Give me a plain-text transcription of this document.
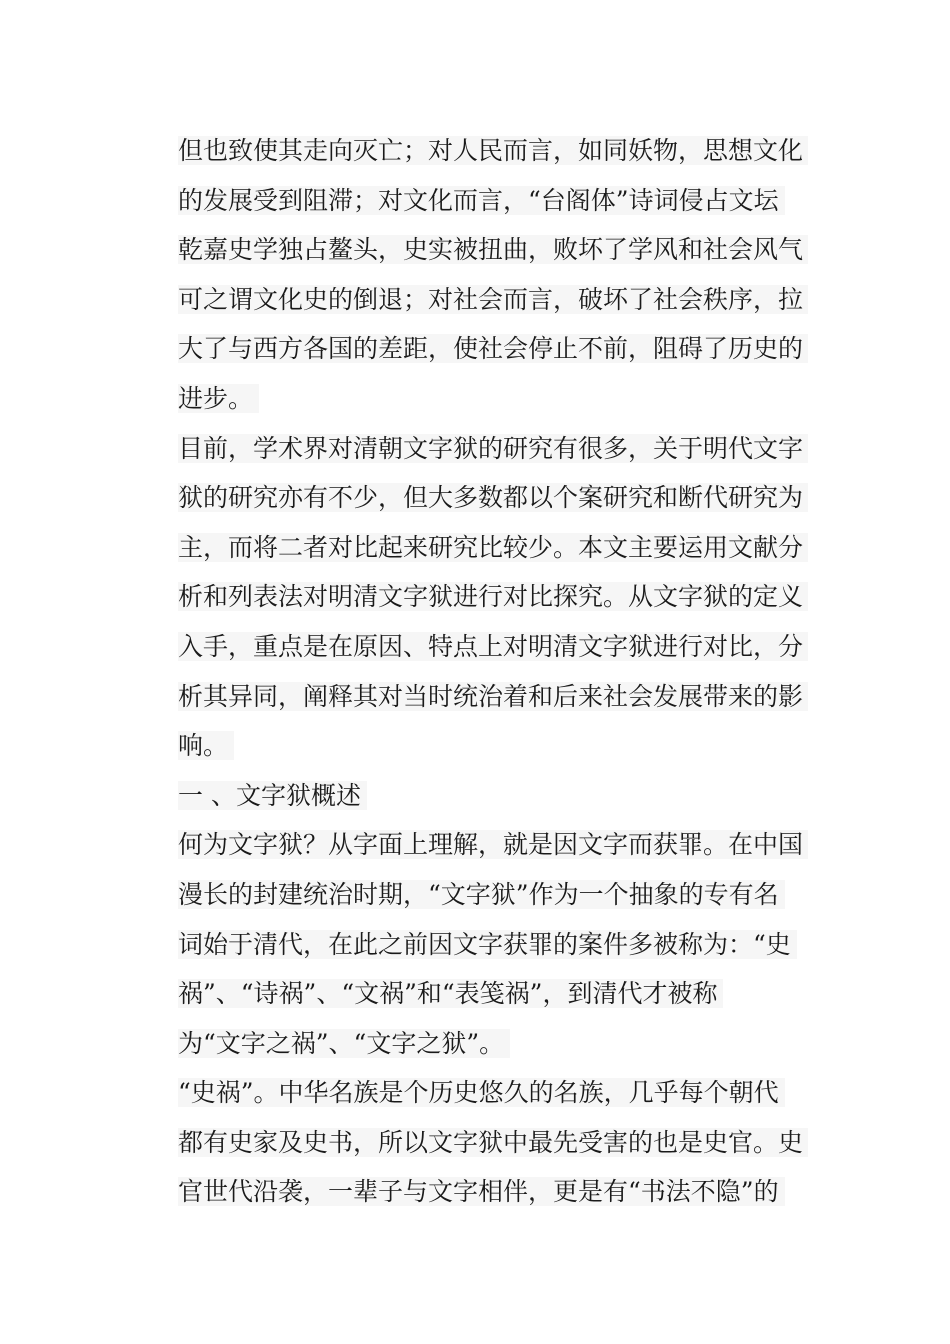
但也致使其走向灭亡；对人民而言，如同妖物，思想文化
的发展受到阻滞；对文化而言，“台阁体”诗词侵占文坛
乾嘉史学独占鳌头，史实被扭曲，败坏了学风和社会风气
可之谓文化史的倒退；对社会而言，破坏了社会秩序，拉
大了与西方各国的差距，使社会停止不前，阻碍了历史的
进步。
目前，学术界对清朝文字狱的研究有很多，关于明代文字
狱的研究亦有不少，但大多数都以个案研究和断代研究为
主，而将二者对比起来研究比较少。本文主要运用文献分
析和列表法对明清文字狱进行对比探究。从文字狱的定义
入手，重点是在原因、特点上对明清文字狱进行对比，分
析其异同，阐释其对当时统治着和后来社会发展带来的影
响。
一 、文字狱概述
何为文字狱？从字面上理解，就是因文字而获罪。在中国
漫长的封建统治时期，“文字狱”作为一个抽象的专有名
词始于清代，在此之前因文字获罪的案件多被称为：“史
祸”、“诗祸”、“文祸”和“表笺祸”，到清代才被称
为“文字之祸”、“文字之狱”。
“史祸”。中华名族是个历史悠久的名族，几乎每个朝代
都有史家及史书，所以文字狱中最先受害的也是史官。史
官世代沿袭，一辈子与文字相伴，更是有“书法不隐”的
